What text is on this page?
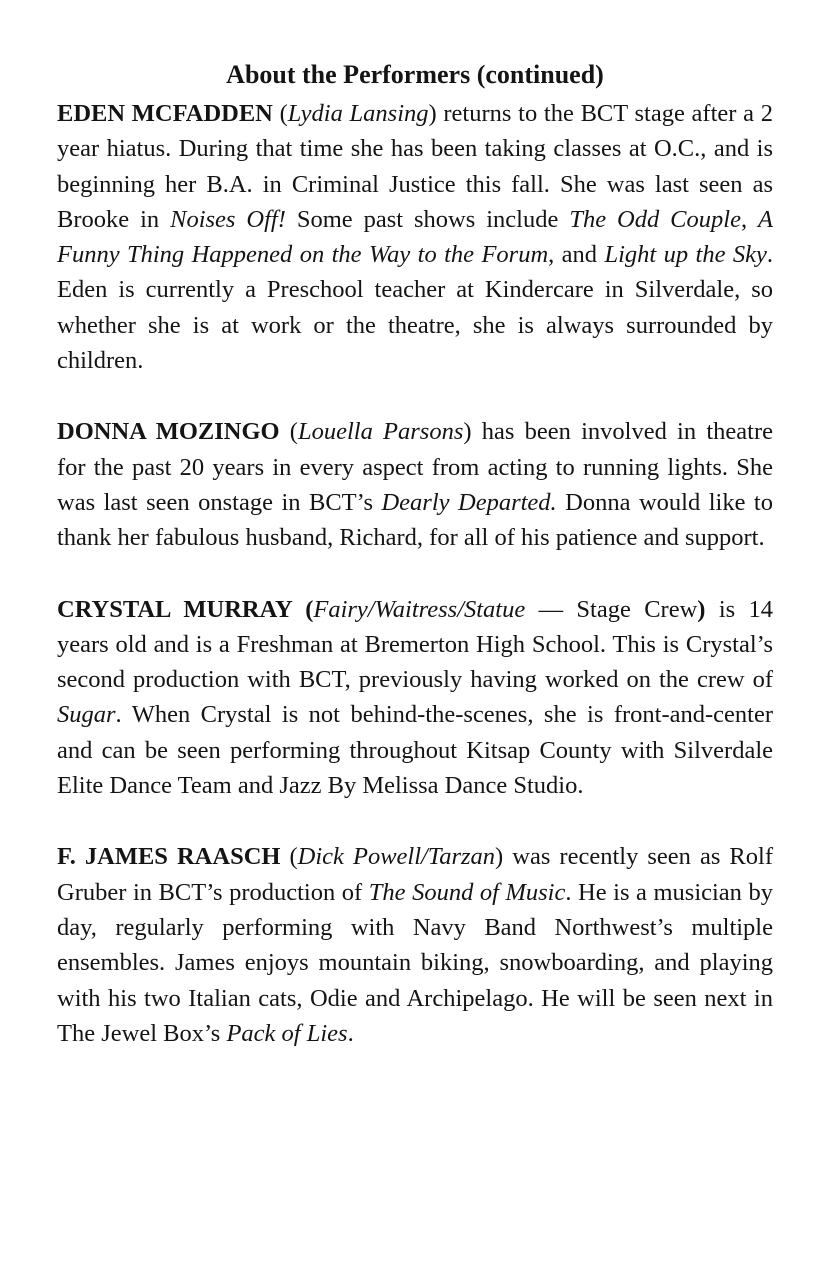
About the Performers (continued)

EDEN MCFADDEN (Lydia Lansing) returns to the BCT stage after a 2 year hiatus. During that time she has been taking classes at O.C., and is beginning her B.A. in Criminal Justice this fall. She was last seen as Brooke in Noises Off! Some past shows include The Odd Couple, A Funny Thing Happened on the Way to the Forum, and Light up the Sky. Eden is currently a Preschool teacher at Kindercare in Silverdale, so whether she is at work or the theatre, she is always surrounded by children.

DONNA MOZINGO (Louella Parsons) has been involved in theatre for the past 20 years in every aspect from acting to running lights. She was last seen onstage in BCT’s Dearly Departed. Donna would like to thank her fabulous husband, Richard, for all of his patience and support.

CRYSTAL MURRAY (Fairy/Waitress/Statue — Stage Crew) is 14 years old and is a Freshman at Bremerton High School. This is Crystal’s second production with BCT, previously having worked on the crew of Sugar. When Crystal is not behind-the-scenes, she is front-and-center and can be seen performing throughout Kitsap County with Silverdale Elite Dance Team and Jazz By Melissa Dance Studio.

F. JAMES RAASCH (Dick Powell/Tarzan) was recently seen as Rolf Gruber in BCT’s production of The Sound of Music. He is a musician by day, regularly performing with Navy Band Northwest’s multiple ensembles. James enjoys mountain biking, snowboarding, and playing with his two Italian cats, Odie and Archipelago. He will be seen next in The Jewel Box’s Pack of Lies.
